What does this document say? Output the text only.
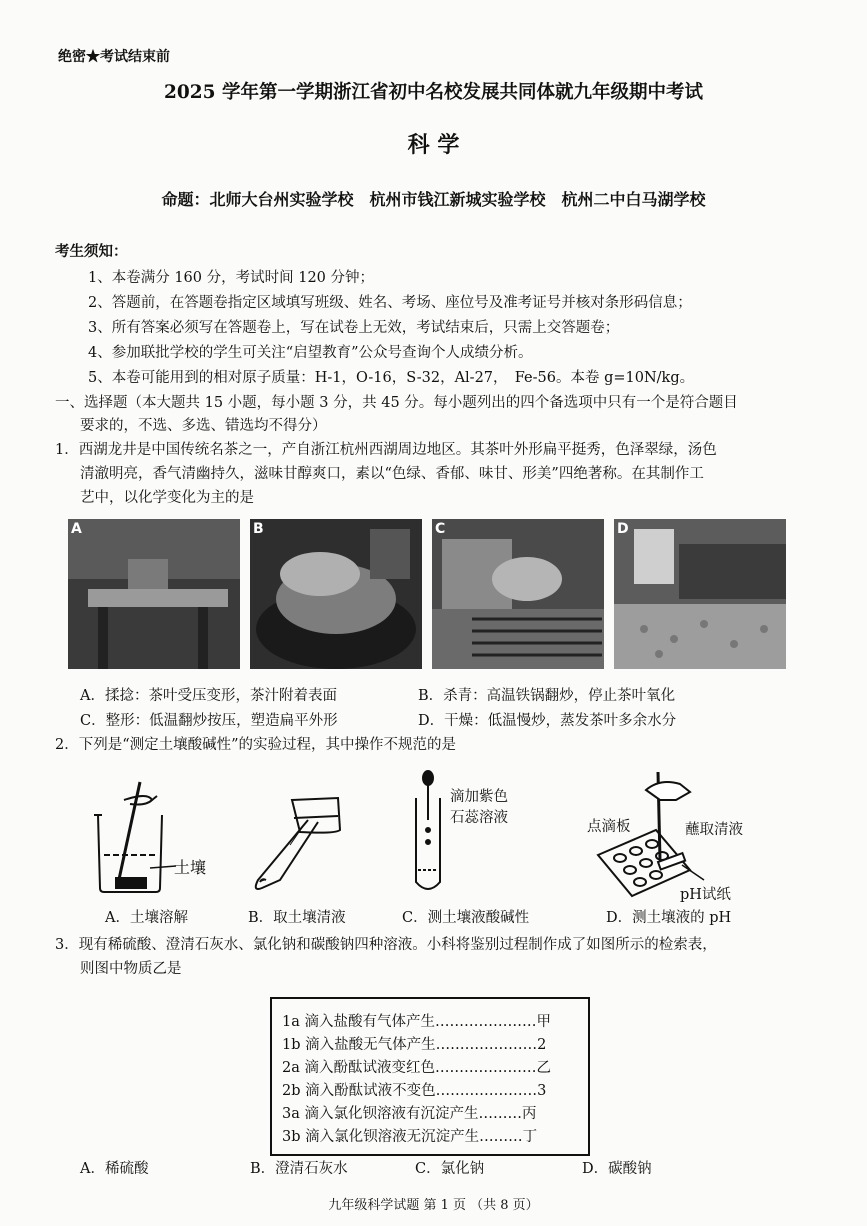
绝密★考试结束前
2025 学年第一学期浙江省初中名校发展共同体就九年级期中考试
科 学
命题：北师大台州实验学校　杭州市钱江新城实验学校　杭州二中白马湖学校
考生须知：
1、本卷满分 160 分，考试时间 120 分钟；
2、答题前，在答题卷指定区域填写班级、姓名、考场、座位号及准考证号并核对条形码信息；
3、所有答案必须写在答题卷上，写在试卷上无效，考试结束后，只需上交答题卷；
4、参加联批学校的学生可关注“启望教育”公众号查询个人成绩分析。
5、本卷可能用到的相对原子质量：H-1，O-16，S-32，Al-27，　Fe-56。本卷 g=10N/kg。
一、选择题（本大题共 15 小题，每小题 3 分，共 45 分。每小题列出的四个备选项中只有一个是符合题目
要求的，不选、多选、错选均不得分）
1．西湖龙井是中国传统名茶之一，产自浙江杭州西湖周边地区。其茶叶外形扁平挺秀，色泽翠绿，汤色
清澈明亮，香气清幽持久，滋味甘醇爽口，素以“色绿、香郁、味甘、形美”四绝著称。在其制作工
艺中，以化学变化为主的是
A	B	C	D
A．揉捻：茶叶受压变形，茶汁附着表面	B．杀青：高温铁锅翻炒，停止茶叶氧化
C．整形：低温翻炒按压，塑造扁平外形	D．干燥：低温慢炒，蒸发茶叶多余水分
2．下列是“测定土壤酸碱性”的实验过程，其中操作不规范的是
土壤
滴加紫色
石蕊溶液
点滴板	蘸取清液
pH试纸
A．土壤溶解	B．取土壤清液	C．测土壤液酸碱性	D．测土壤液的 pH
3．现有稀硫酸、澄清石灰水、氯化钠和碳酸钠四种溶液。小科将鉴别过程制作成了如图所示的检索表，
则图中物质乙是
1a 滴入盐酸有气体产生…………………甲
1b 滴入盐酸无气体产生…………………2
2a 滴入酚酞试液变红色…………………乙
2b 滴入酚酞试液不变色…………………3
3a 滴入氯化钡溶液有沉淀产生………丙
3b 滴入氯化钡溶液无沉淀产生………丁
A．稀硫酸	B．澄清石灰水	C．氯化钠	D．碳酸钠
九年级科学试题 第 1 页 （共 8 页）
